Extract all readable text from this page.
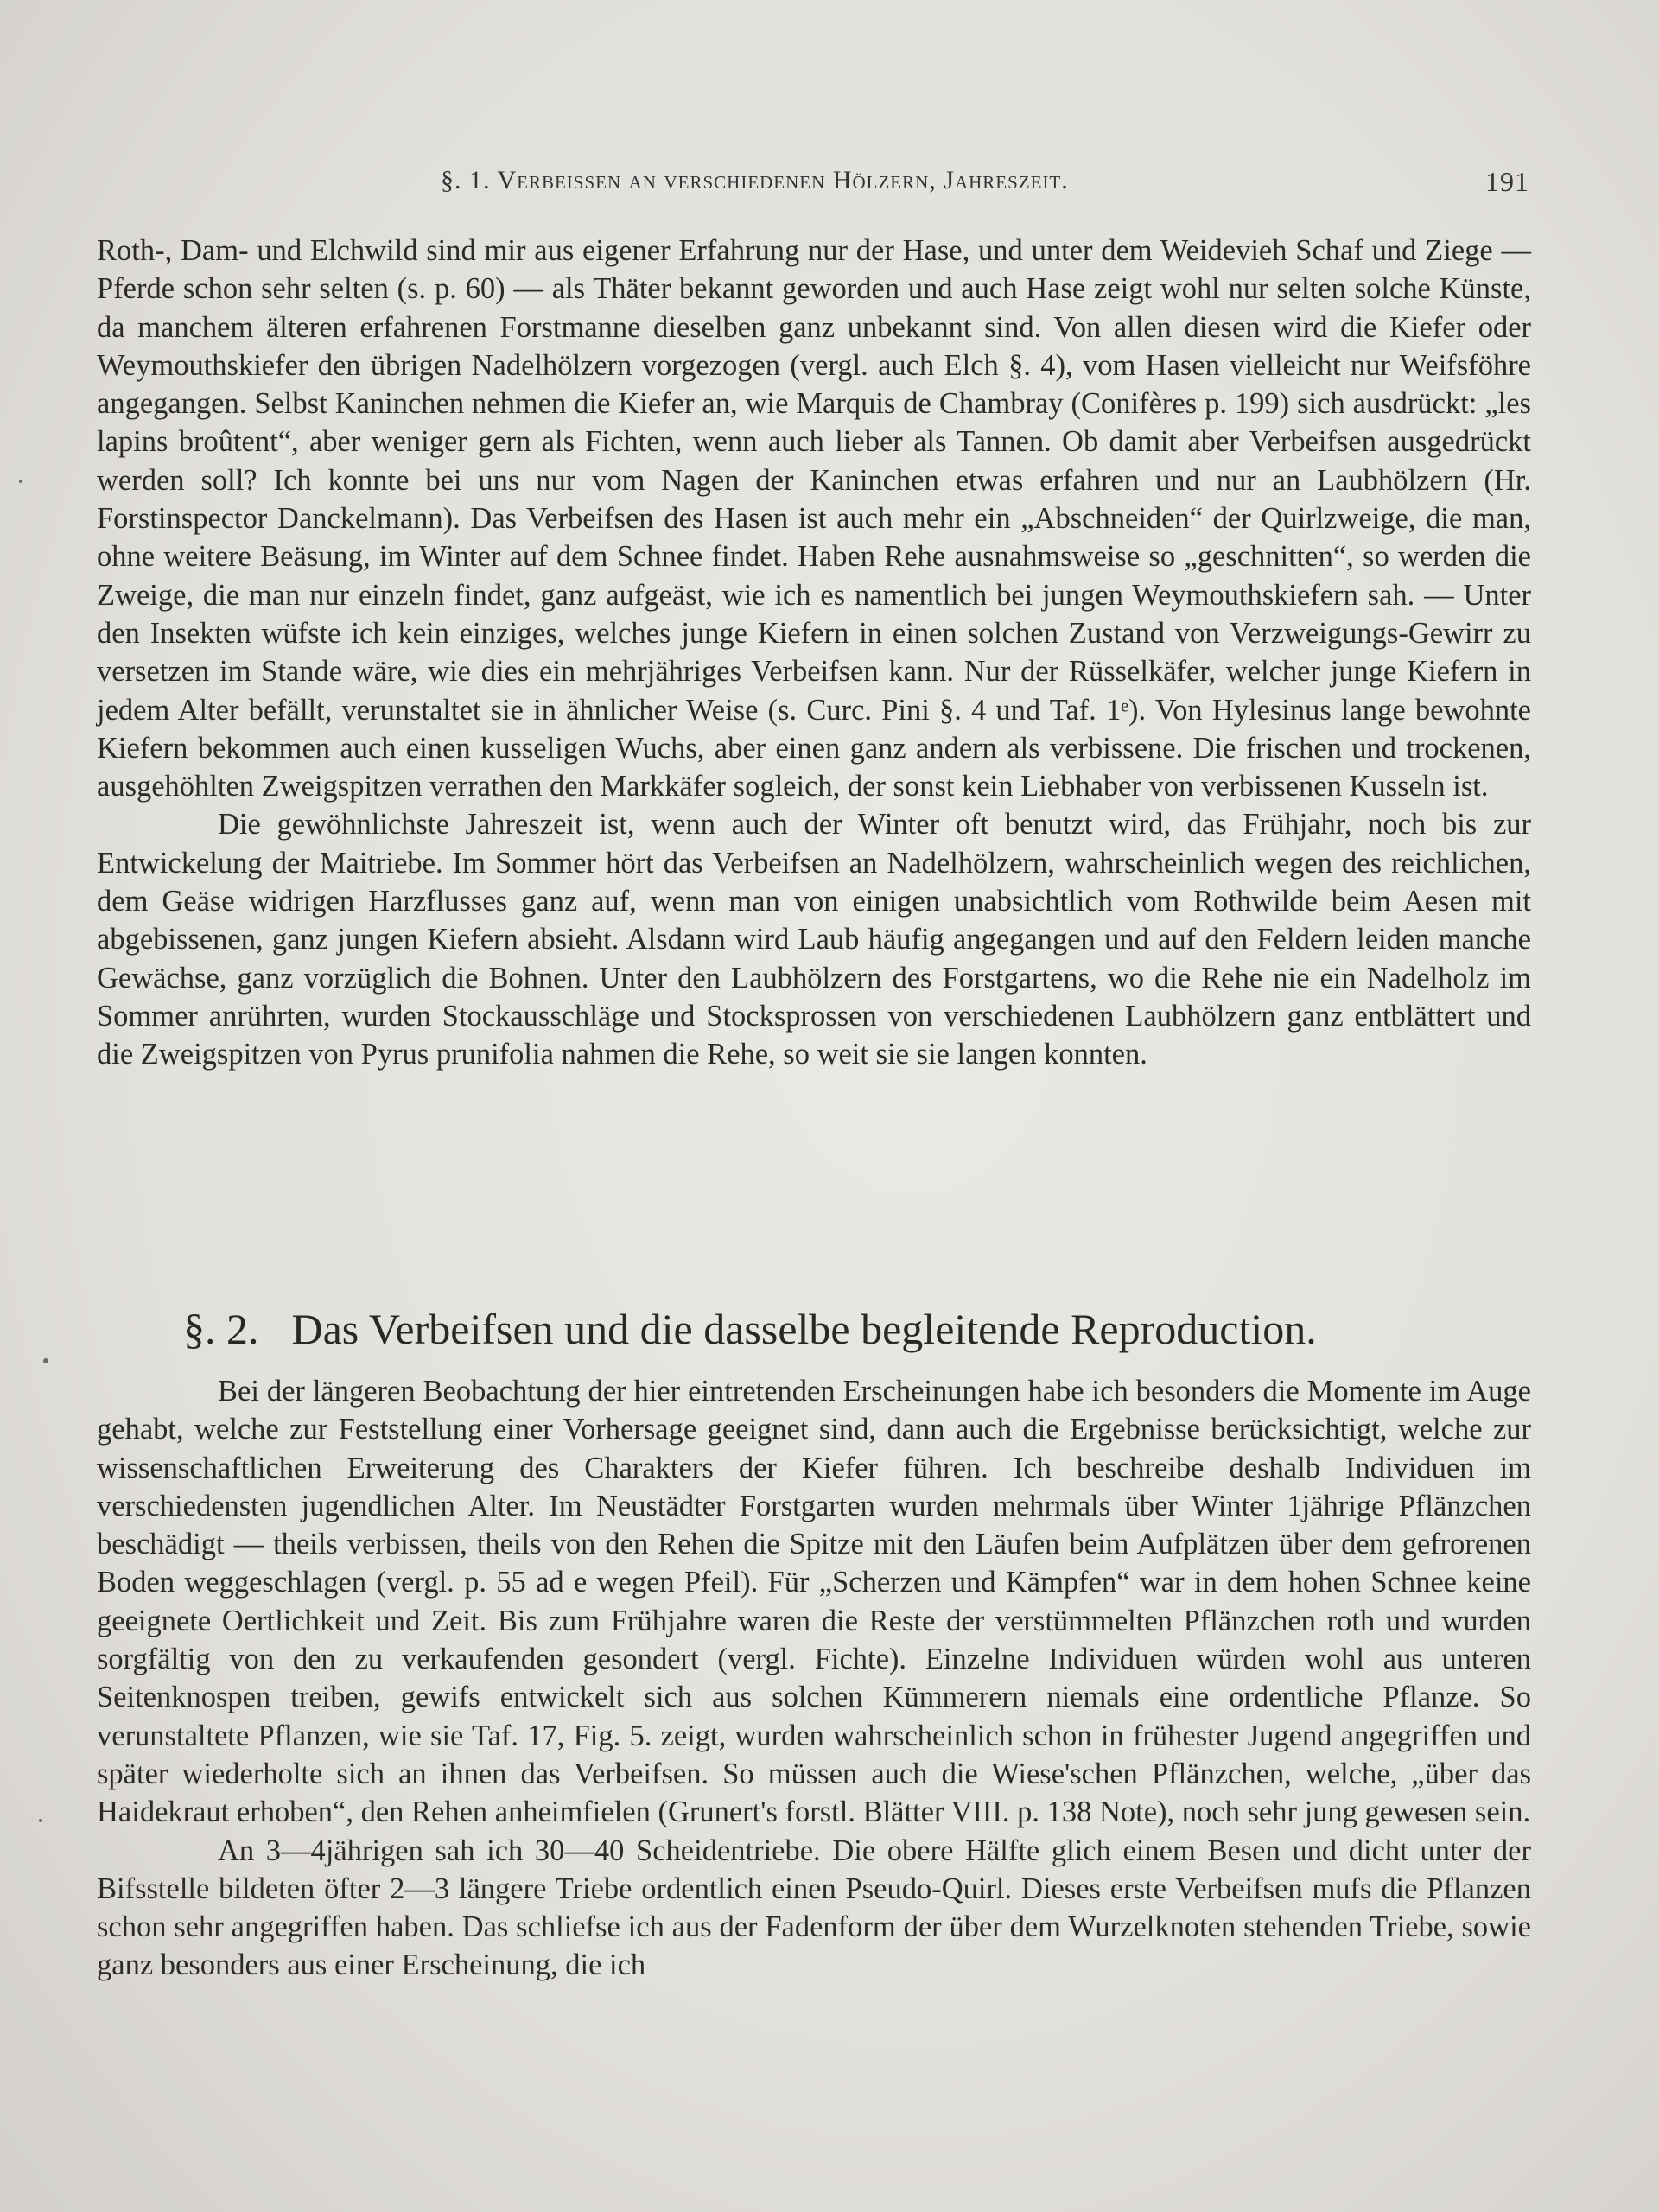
§. 1. Verbeissen an verschiedenen Hölzern, Jahreszeit.	191

Roth-, Dam- und Elchwild sind mir aus eigener Erfahrung nur der Hase, und unter dem Weidevieh Schaf und Ziege — Pferde schon sehr selten (s. p. 60) — als Thäter bekannt geworden und auch Hase zeigt wohl nur selten solche Künste, da manchem älteren erfahrenen Forstmanne dieselben ganz unbekannt sind. Von allen diesen wird die Kiefer oder Weymouthskiefer den übrigen Nadelhölzern vorgezogen (vergl. auch Elch §. 4), vom Hasen vielleicht nur Weifsföhre angegangen. Selbst Kaninchen nehmen die Kiefer an, wie Marquis de Chambray (Conifères p. 199) sich ausdrückt: „les lapins broûtent“, aber weniger gern als Fichten, wenn auch lieber als Tannen. Ob damit aber Verbeifsen ausgedrückt werden soll? Ich konnte bei uns nur vom Nagen der Kaninchen etwas erfahren und nur an Laubhölzern (Hr. Forstinspector Danckelmann). Das Verbeifsen des Hasen ist auch mehr ein „Abschneiden“ der Quirlzweige, die man, ohne weitere Beäsung, im Winter auf dem Schnee findet. Haben Rehe ausnahmsweise so „geschnitten“, so werden die Zweige, die man nur einzeln findet, ganz aufgeäst, wie ich es namentlich bei jungen Weymouthskiefern sah. — Unter den Insekten wüfste ich kein einziges, welches junge Kiefern in einen solchen Zustand von Verzweigungs-Gewirr zu versetzen im Stande wäre, wie dies ein mehrjähriges Verbeifsen kann. Nur der Rüsselkäfer, welcher junge Kiefern in jedem Alter befällt, verunstaltet sie in ähnlicher Weise (s. Curc. Pini §. 4 und Taf. 1ᵉ). Von Hylesinus lange bewohnte Kiefern bekommen auch einen kusseligen Wuchs, aber einen ganz andern als verbissene. Die frischen und trockenen, ausgehöhlten Zweigspitzen verrathen den Markkäfer sogleich, der sonst kein Liebhaber von verbissenen Kusseln ist.

Die gewöhnlichste Jahreszeit ist, wenn auch der Winter oft benutzt wird, das Frühjahr, noch bis zur Entwickelung der Maitriebe. Im Sommer hört das Verbeifsen an Nadelhölzern, wahrscheinlich wegen des reichlichen, dem Geäse widrigen Harzflusses ganz auf, wenn man von einigen unabsichtlich vom Rothwilde beim Aesen mit abgebissenen, ganz jungen Kiefern absieht. Alsdann wird Laub häufig angegangen und auf den Feldern leiden manche Gewächse, ganz vorzüglich die Bohnen. Unter den Laubhölzern des Forstgartens, wo die Rehe nie ein Nadelholz im Sommer anrührten, wurden Stockausschläge und Stocksprossen von verschiedenen Laubhölzern ganz entblättert und die Zweigspitzen von Pyrus prunifolia nahmen die Rehe, so weit sie sie langen konnten.

§. 2. Das Verbeifsen und die dasselbe begleitende Reproduction.

Bei der längeren Beobachtung der hier eintretenden Erscheinungen habe ich besonders die Momente im Auge gehabt, welche zur Feststellung einer Vorhersage geeignet sind, dann auch die Ergebnisse berücksichtigt, welche zur wissenschaftlichen Erweiterung des Charakters der Kiefer führen. Ich beschreibe deshalb Individuen im verschiedensten jugendlichen Alter. Im Neustädter Forstgarten wurden mehrmals über Winter 1jährige Pflänzchen beschädigt — theils verbissen, theils von den Rehen die Spitze mit den Läufen beim Aufplätzen über dem gefrorenen Boden weggeschlagen (vergl. p. 55 ad e wegen Pfeil). Für „Scherzen und Kämpfen“ war in dem hohen Schnee keine geeignete Oertlichkeit und Zeit. Bis zum Frühjahre waren die Reste der verstümmelten Pflänzchen roth und wurden sorgfältig von den zu verkaufenden gesondert (vergl. Fichte). Einzelne Individuen würden wohl aus unteren Seitenknospen treiben, gewifs entwickelt sich aus solchen Kümmerern niemals eine ordentliche Pflanze. So verunstaltete Pflanzen, wie sie Taf. 17, Fig. 5. zeigt, wurden wahrscheinlich schon in frühester Jugend angegriffen und später wiederholte sich an ihnen das Verbeifsen. So müssen auch die Wiese'schen Pflänzchen, welche, „über das Haidekraut erhoben“, den Rehen anheimfielen (Grunert's forstl. Blätter VIII. p. 138 Note), noch sehr jung gewesen sein.

An 3—4jährigen sah ich 30—40 Scheidentriebe. Die obere Hälfte glich einem Besen und dicht unter der Bifsstelle bildeten öfter 2—3 längere Triebe ordentlich einen Pseudo-Quirl. Dieses erste Verbeifsen mufs die Pflanzen schon sehr angegriffen haben. Das schliefse ich aus der Fadenform der über dem Wurzelknoten stehenden Triebe, sowie ganz besonders aus einer Erscheinung, die ich
